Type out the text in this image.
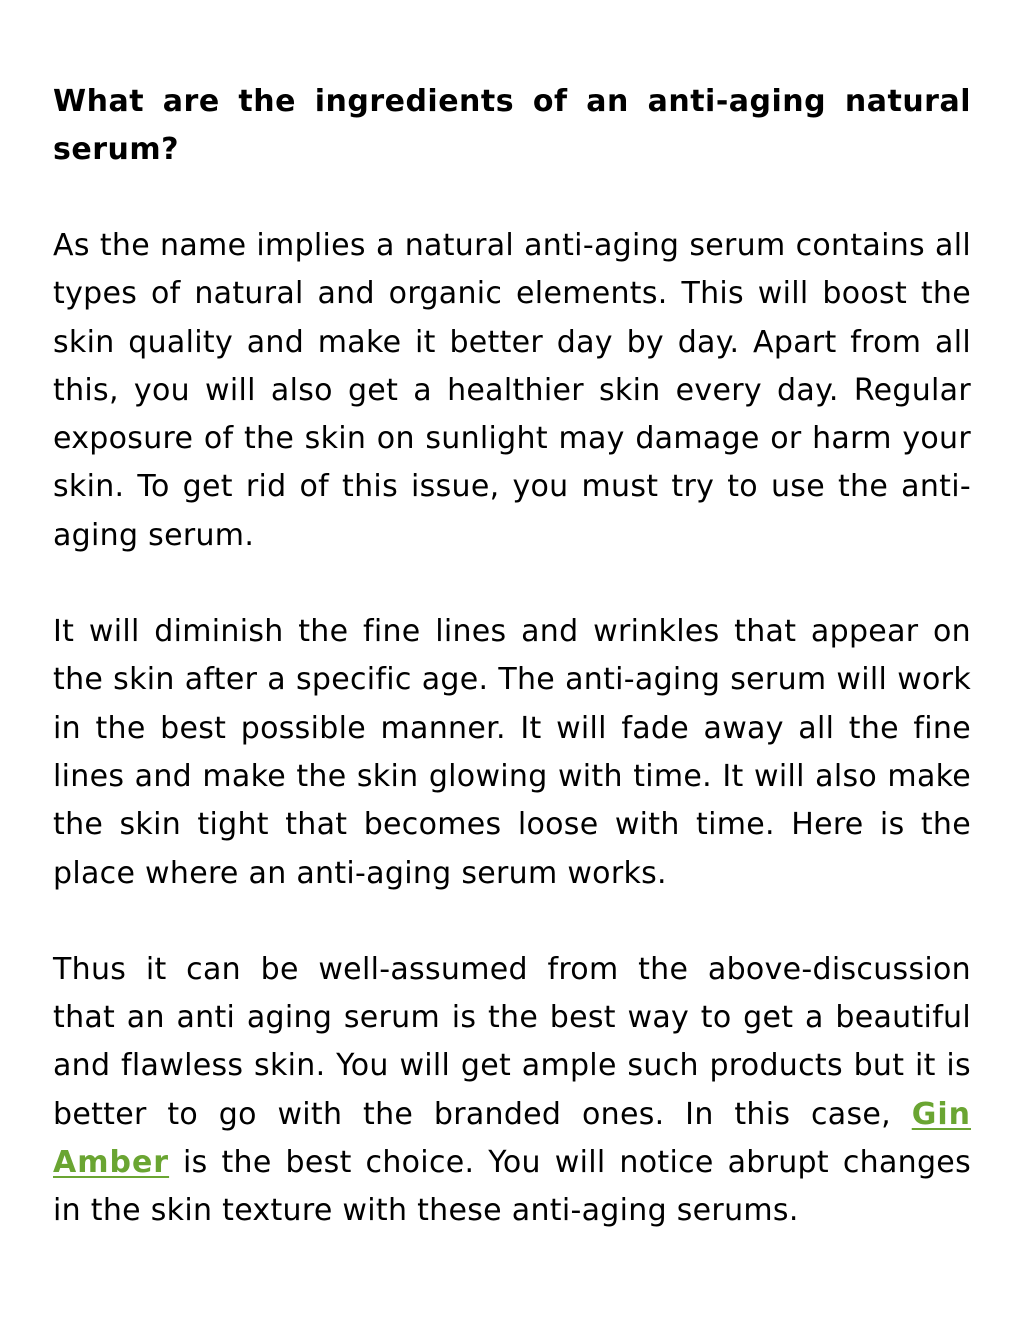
What are the ingredients of an anti-aging natural serum?

As the name implies a natural anti-aging serum contains all types of natural and organic elements. This will boost the skin quality and make it better day by day. Apart from all this, you will also get a healthier skin every day. Regular exposure of the skin on sunlight may damage or harm your skin. To get rid of this issue, you must try to use the anti-aging serum.

It will diminish the fine lines and wrinkles that appear on the skin after a specific age. The anti-aging serum will work in the best possible manner. It will fade away all the fine lines and make the skin glowing with time. It will also make the skin tight that becomes loose with time. Here is the place where an anti-aging serum works.

Thus it can be well-assumed from the above-discussion that an anti aging serum is the best way to get a beautiful and flawless skin. You will get ample such products but it is better to go with the branded ones. In this case, Gin Amber is the best choice. You will notice abrupt changes in the skin texture with these anti-aging serums.
